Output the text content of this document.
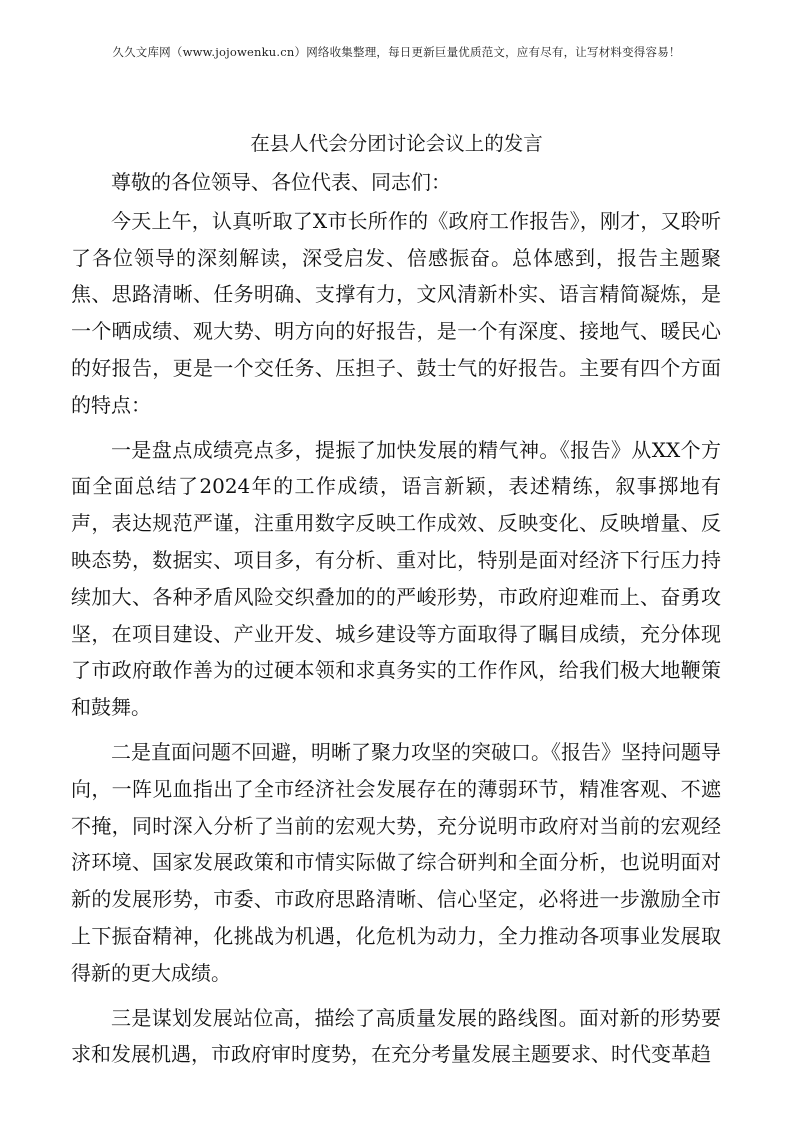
久久文库网（www.jojowenku.cn）网络收集整理，每日更新巨量优质范文，应有尽有，让写材料变得容易！
在县人代会分团讨论会议上的发言

尊敬的各位领导、各位代表、同志们：

今天上午，认真听取了X市长所作的《政府工作报告》，刚才，又聆听了各位领导的深刻解读，深受启发、倍感振奋。总体感到，报告主题聚焦、思路清晰、任务明确、支撑有力，文风清新朴实、语言精简凝炼，是一个晒成绩、观大势、明方向的好报告，是一个有深度、接地气、暖民心的好报告，更是一个交任务、压担子、鼓士气的好报告。主要有四个方面的特点：

一是盘点成绩亮点多，提振了加快发展的精气神。《报告》从XX个方面全面总结了2024年的工作成绩，语言新颖，表述精练，叙事掷地有声，表达规范严谨，注重用数字反映工作成效、反映变化、反映增量、反映态势，数据实、项目多，有分析、重对比，特别是面对经济下行压力持续加大、各种矛盾风险交织叠加的的严峻形势，市政府迎难而上、奋勇攻坚，在项目建设、产业开发、城乡建设等方面取得了瞩目成绩，充分体现了市政府敢作善为的过硬本领和求真务实的工作作风，给我们极大地鞭策和鼓舞。

二是直面问题不回避，明晰了聚力攻坚的突破口。《报告》坚持问题导向，一阵见血指出了全市经济社会发展存在的薄弱环节，精准客观、不遮不掩，同时深入分析了当前的宏观大势，充分说明市政府对当前的宏观经济环境、国家发展政策和市情实际做了综合研判和全面分析，也说明面对新的发展形势，市委、市政府思路清晰、信心坚定，必将进一步激励全市上下振奋精神，化挑战为机遇，化危机为动力，全力推动各项事业发展取得新的更大成绩。

三是谋划发展站位高，描绘了高质量发展的路线图。面对新的形势要求和发展机遇，市政府审时度势，在充分考量发展主题要求、时代变革趋
